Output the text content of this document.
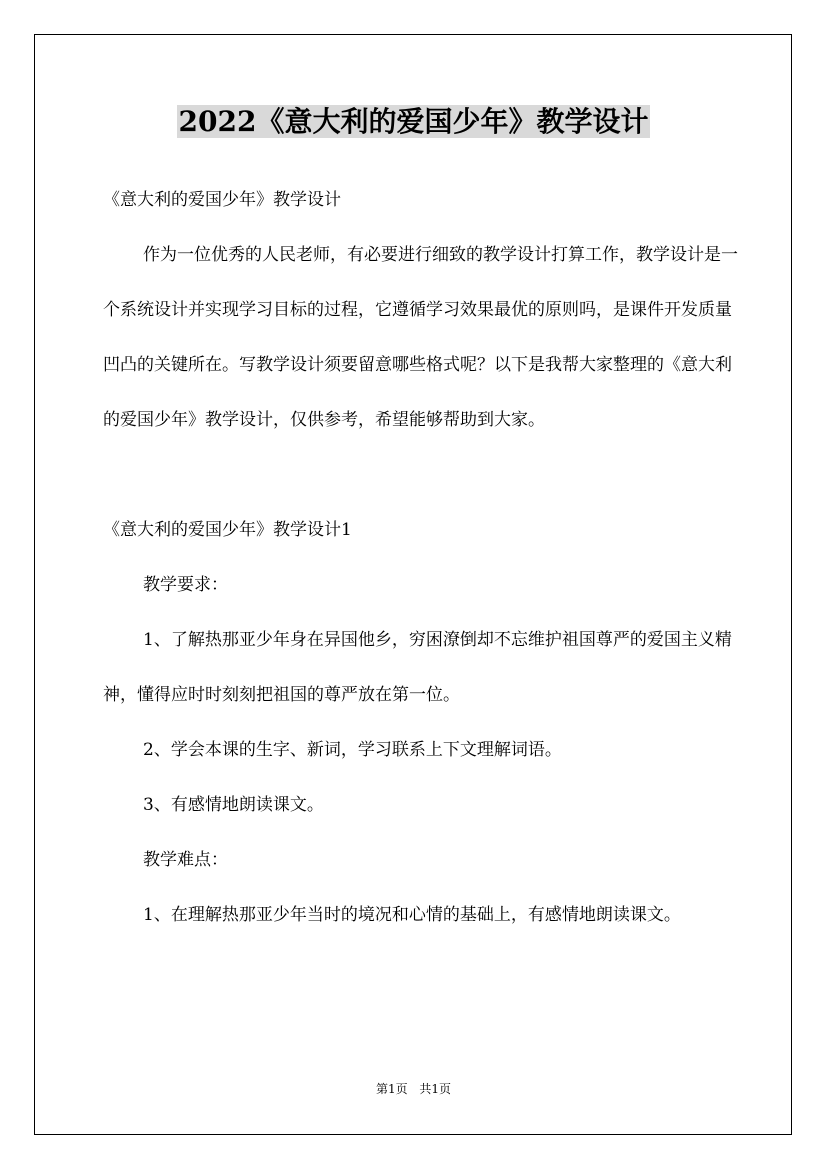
2022《意大利的爱国少年》教学设计

《意大利的爱国少年》教学设计

作为一位优秀的人民老师，有必要进行细致的教学设计打算工作，教学设计是一个系统设计并实现学习目标的过程，它遵循学习效果最优的原则吗，是课件开发质量凹凸的关键所在。写教学设计须要留意哪些格式呢？以下是我帮大家整理的《意大利的爱国少年》教学设计，仅供参考，希望能够帮助到大家。

《意大利的爱国少年》教学设计1

教学要求：

1、了解热那亚少年身在异国他乡，穷困潦倒却不忘维护祖国尊严的爱国主义精神，懂得应时时刻刻把祖国的尊严放在第一位。

2、学会本课的生字、新词，学习联系上下文理解词语。

3、有感情地朗读课文。

教学难点：

1、在理解热那亚少年当时的境况和心情的基础上，有感情地朗读课文。

第1页 共1页
